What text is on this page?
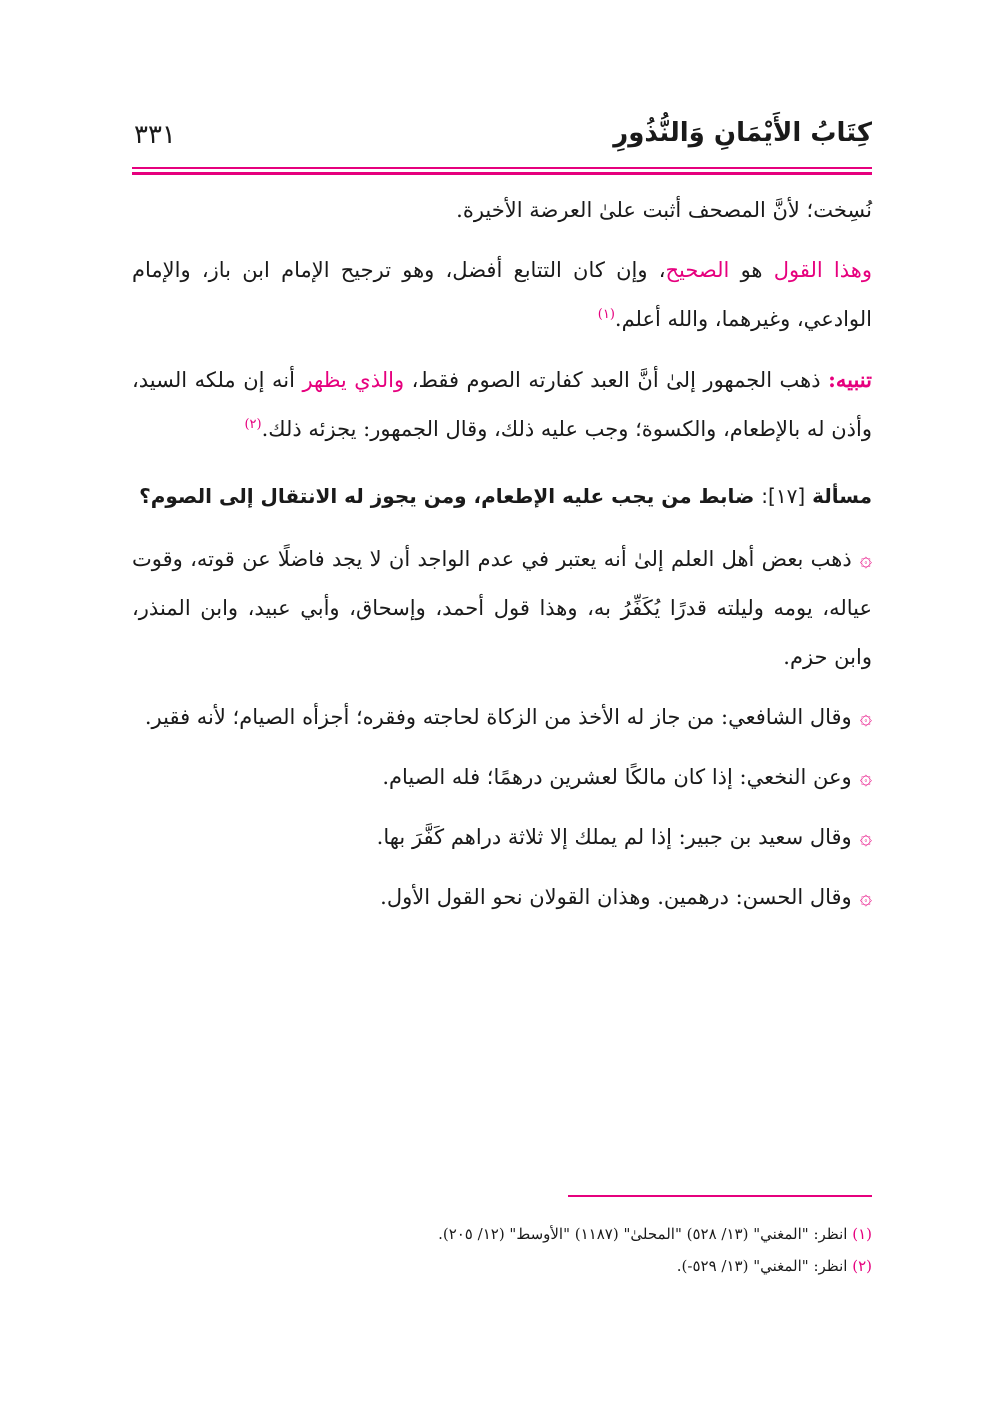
كِتَابُ الأَيْمَانِ وَالنُّذُورِ
٣٣١

نُسِخت؛ لأنَّ المصحف أثبت علىٰ العرضة الأخيرة.

وهذا القول هو الصحيح، وإن كان التتابع أفضل، وهو ترجيح الإمام ابن باز، والإمام الوادعي، وغيرهما، والله أعلم.$^{(١)}$

تنبيه: ذهب الجمهور إلىٰ أنَّ العبد كفارته الصوم فقط، والذي يظهر أنه إن ملكه السيد، وأذن له بالإطعام، والكسوة؛ وجب عليه ذلك، وقال الجمهور: يجزئه ذلك.$^{(٢)}$

مسألة [١٧]: ضابط من يجب عليه الإطعام، ومن يجوز له الانتقال إلى الصوم؟

۞ذهب بعض أهل العلم إلىٰ أنه يعتبر في عدم الواجد أن لا يجد فاضلًا عن قوته، وقوت عياله، يومه وليلته قدرًا يُكَفِّرُ به، وهذا قول أحمد، وإسحاق، وأبي عبيد، وابن المنذر، وابن حزم.

۞وقال الشافعي: من جاز له الأخذ من الزكاة لحاجته وفقره؛ أجزأه الصيام؛ لأنه فقير.

۞وعن النخعي: إذا كان مالكًا لعشرين درهمًا؛ فله الصيام.

۞وقال سعيد بن جبير: إذا لم يملك إلا ثلاثة دراهم كَفَّرَ بها.

۞وقال الحسن: درهمين. وهذان القولان نحو القول الأول.

(١) انظر: "المغني" (١٣/ ٥٢٨) "المحلىٰ" (١١٨٧) "الأوسط" (١٢/ ٢٠٥).
(٢) انظر: "المغني" (١٣/ ٥٢٩-).
